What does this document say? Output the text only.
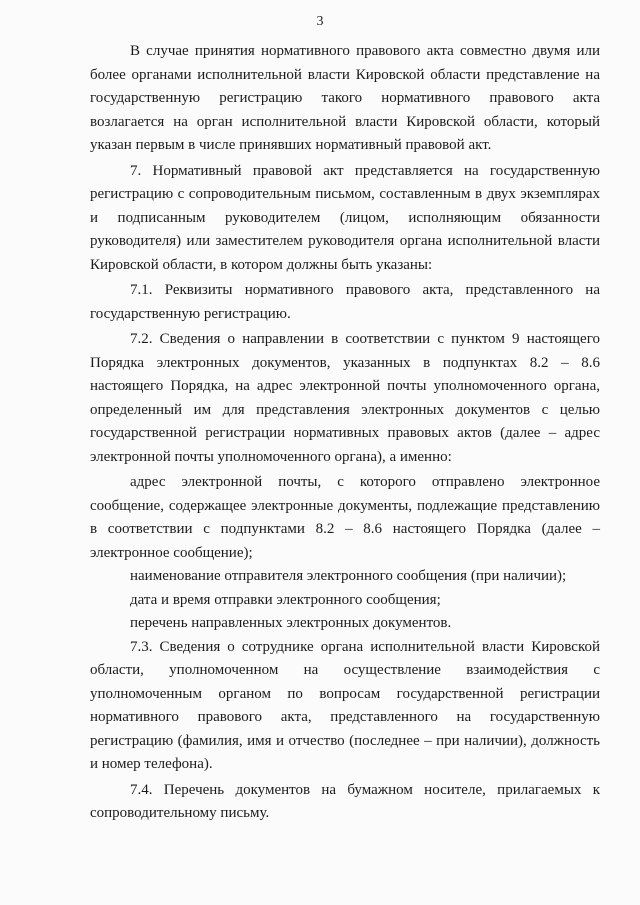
3

В случае принятия нормативного правового акта совместно двумя или более органами исполнительной власти Кировской области представление на государственную регистрацию такого нормативного правового акта возлагается на орган исполнительной власти Кировской области, который указан первым в числе принявших нормативный правовой акт.

7. Нормативный правовой акт представляется на государственную регистрацию с сопроводительным письмом, составленным в двух экземплярах и подписанным руководителем (лицом, исполняющим обязанности руководителя) или заместителем руководителя органа исполнительной власти Кировской области, в котором должны быть указаны:

7.1. Реквизиты нормативного правового акта, представленного на государственную регистрацию.

7.2. Сведения о направлении в соответствии с пунктом 9 настоящего Порядка электронных документов, указанных в подпунктах 8.2 – 8.6 настоящего Порядка, на адрес электронной почты уполномоченного органа, определенный им для представления электронных документов с целью государственной регистрации нормативных правовых актов (далее – адрес электронной почты уполномоченного органа), а именно:

адрес электронной почты, с которого отправлено электронное сообщение, содержащее электронные документы, подлежащие представлению в соответствии с подпунктами 8.2 – 8.6 настоящего Порядка (далее – электронное сообщение);

наименование отправителя электронного сообщения (при наличии);

дата и время отправки электронного сообщения;

перечень направленных электронных документов.

7.3. Сведения о сотруднике органа исполнительной власти Кировской области, уполномоченном на осуществление взаимодействия с уполномоченным органом по вопросам государственной регистрации нормативного правового акта, представленного на государственную регистрацию (фамилия, имя и отчество (последнее – при наличии), должность и номер телефона).

7.4. Перечень документов на бумажном носителе, прилагаемых к сопроводительному письму.
